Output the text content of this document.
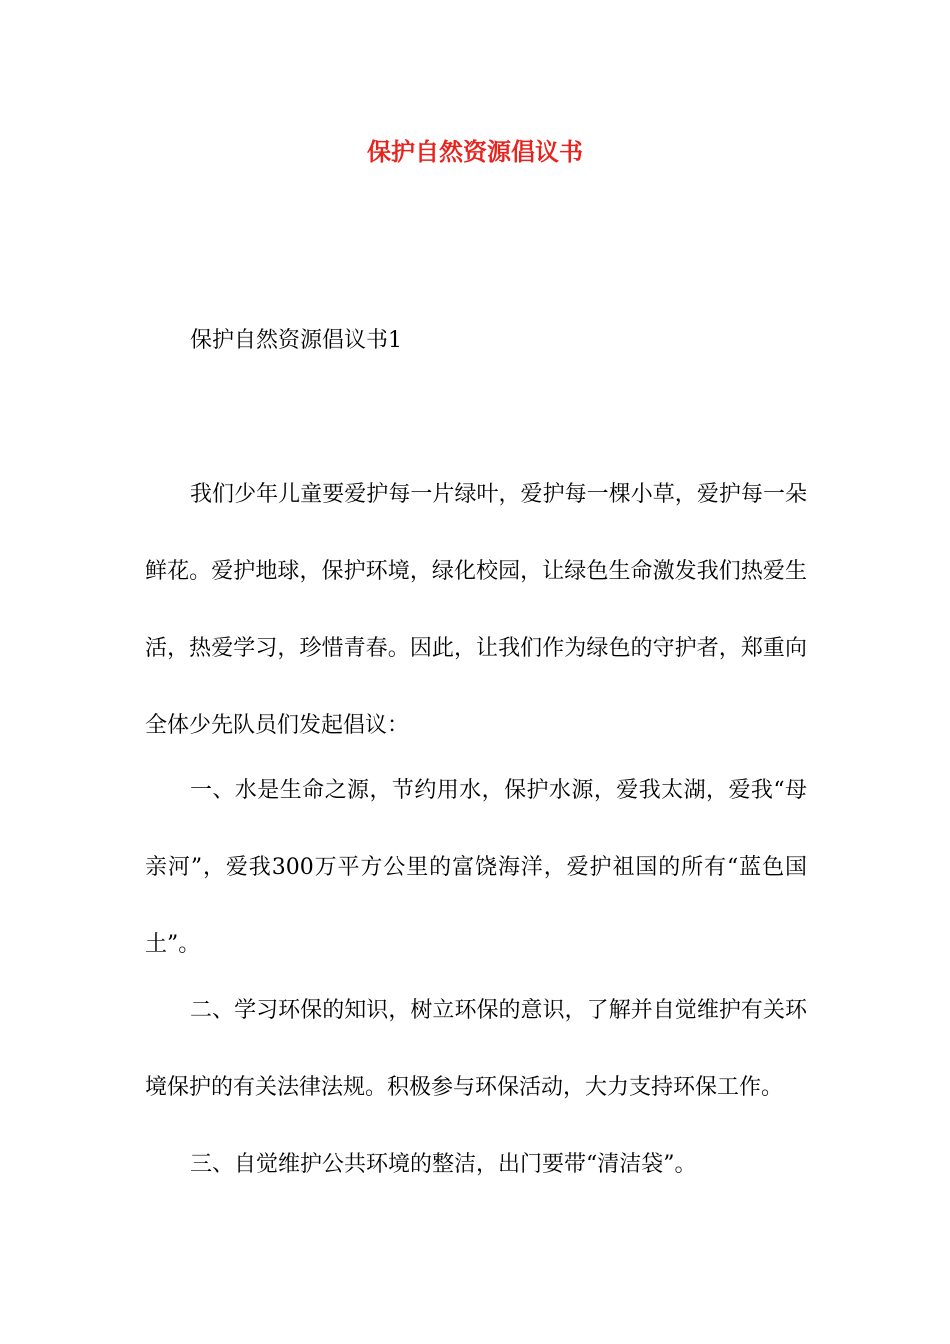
保护自然资源倡议书
保护自然资源倡议书1

我们少年儿童要爱护每一片绿叶，爱护每一棵小草，爱护每一朵鲜花。爱护地球，保护环境，绿化校园，让绿色生命激发我们热爱生活，热爱学习，珍惜青春。因此，让我们作为绿色的守护者，郑重向全体少先队员们发起倡议：

一、水是生命之源，节约用水，保护水源，爱我太湖，爱我“母亲河”，爱我300万平方公里的富饶海洋，爱护祖国的所有“蓝色国土”。

二、学习环保的知识，树立环保的意识，了解并自觉维护有关环境保护的有关法律法规。积极参与环保活动，大力支持环保工作。

三、自觉维护公共环境的整洁，出门要带“清洁袋”。
